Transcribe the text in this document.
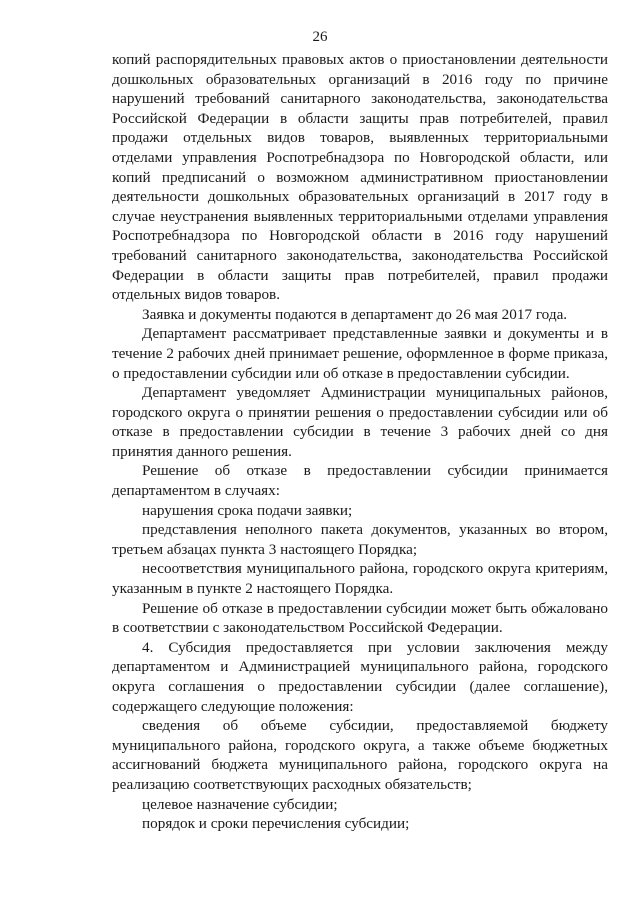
26

копий распорядительных правовых актов о приостановлении деятельности дошкольных образовательных организаций в 2016 году по причине нарушений требований санитарного законодательства, законодательства Российской Федерации в области защиты прав потребителей, правил продажи отдельных видов товаров, выявленных территориальными отделами управления Роспотребнадзора по Новгородской области, или копий предписаний о возможном административном приостановлении деятельности дошкольных образовательных организаций в 2017 году в случае неустранения выявленных территориальными отделами управления Роспотребнадзора по Новгородской области в 2016 году нарушений требований санитарного законодательства, законодательства Российской Федерации в области защиты прав потребителей, правил продажи отдельных видов товаров.

Заявка и документы подаются в департамент до 26 мая 2017 года.

Департамент рассматривает представленные заявки и документы и в течение 2 рабочих дней принимает решение, оформленное в форме приказа, о предоставлении субсидии или об отказе в предоставлении субсидии.

Департамент уведомляет Администрации муниципальных районов, городского округа о принятии решения о предоставлении субсидии или об отказе в предоставлении субсидии в течение 3 рабочих дней со дня принятия данного решения.

Решение об отказе в предоставлении субсидии принимается департаментом в случаях:

нарушения срока подачи заявки;

представления неполного пакета документов, указанных во втором, третьем абзацах пункта 3 настоящего Порядка;

несоответствия муниципального района, городского округа критериям, указанным в пункте 2 настоящего Порядка.

Решение об отказе в предоставлении субсидии может быть обжаловано в соответствии с законодательством Российской Федерации.

4. Субсидия предоставляется при условии заключения между департаментом и Администрацией муниципального района, городского округа соглашения о предоставлении субсидии (далее соглашение), содержащего следующие положения:

сведения об объеме субсидии, предоставляемой бюджету муниципального района, городского округа, а также объеме бюджетных ассигнований бюджета муниципального района, городского округа на реализацию соответствующих расходных обязательств;

целевое назначение субсидии;

порядок и сроки перечисления субсидии;
